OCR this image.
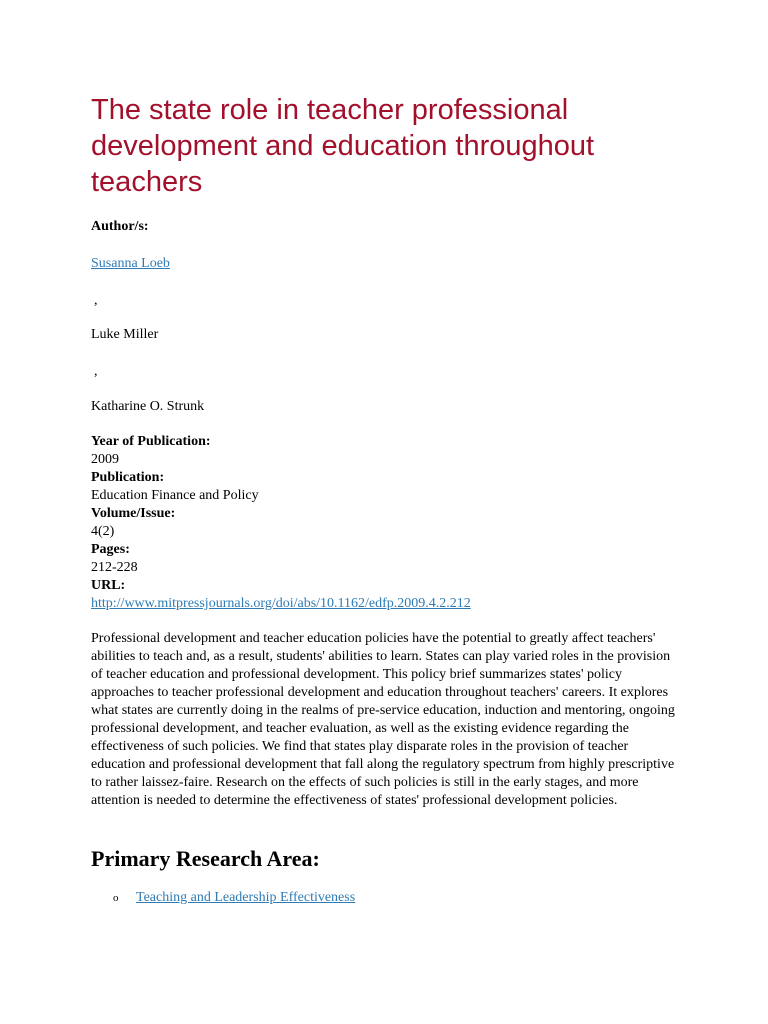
The state role in teacher professional development and education throughout teachers
Author/s:
Susanna Loeb
,
Luke Miller
,
Katharine O. Strunk
Year of Publication:
2009
Publication:
Education Finance and Policy
Volume/Issue:
4(2)
Pages:
212-228
URL:
http://www.mitpressjournals.org/doi/abs/10.1162/edfp.2009.4.2.212

Professional development and teacher education policies have the potential to greatly affect teachers' abilities to teach and, as a result, students' abilities to learn. States can play varied roles in the provision of teacher education and professional development. This policy brief summarizes states' policy approaches to teacher professional development and education throughout teachers' careers. It explores what states are currently doing in the realms of pre-service education, induction and mentoring, ongoing professional development, and teacher evaluation, as well as the existing evidence regarding the effectiveness of such policies. We find that states play disparate roles in the provision of teacher education and professional development that fall along the regulatory spectrum from highly prescriptive to rather laissez-faire. Research on the effects of such policies is still in the early stages, and more attention is needed to determine the effectiveness of states' professional development policies.

Primary Research Area:
o Teaching and Leadership Effectiveness
